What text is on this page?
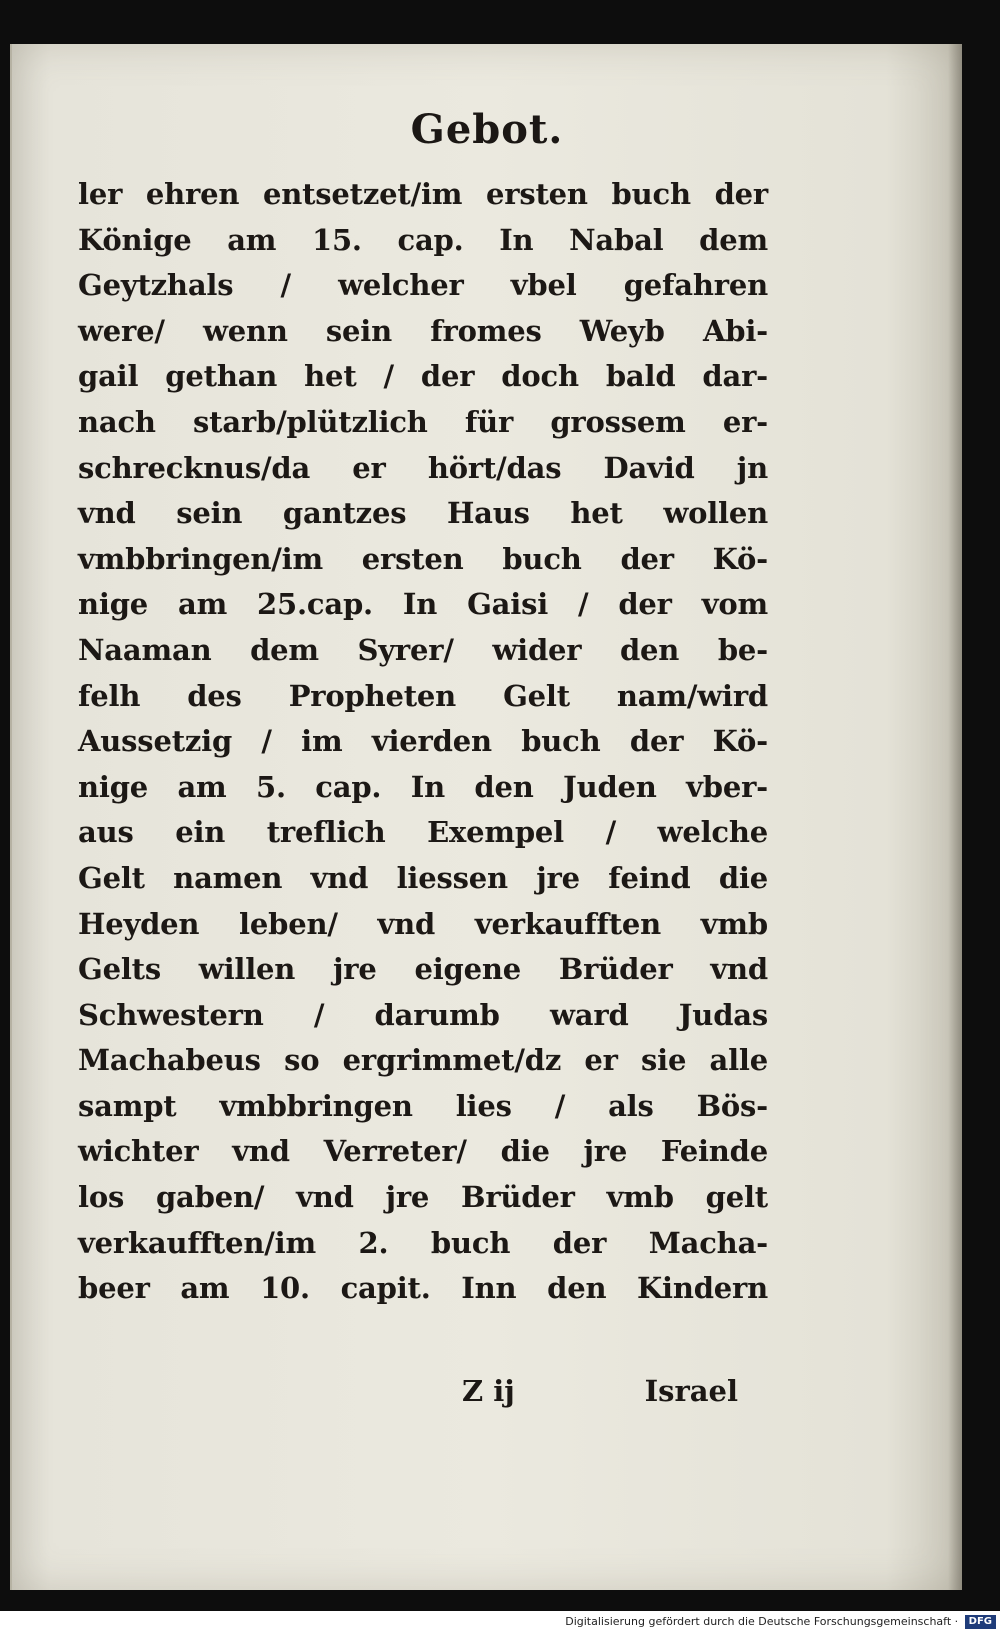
Gebot.
ler ehren entsetzet/im ersten buch der
Könige am 15. cap. In Nabal dem
Geytzhals / welcher vbel gefahren
were/ wenn sein fromes Weyb Abi-
gail gethan het / der doch bald dar-
nach starb/plützlich für grossem er-
schrecknus/da er hört/das David jn
vnd sein gantzes Haus het wollen
vmbbringen/im ersten buch der Kö-
nige am 25.cap. In Gaisi / der vom
Naaman dem Syrer/ wider den be-
felh des Propheten Gelt nam/wird
Aussetzig / im vierden buch der Kö-
nige am 5. cap. In den Juden vber-
aus ein treflich Exempel / welche
Gelt namen vnd liessen jre feind die
Heyden leben/ vnd verkaufften vmb
Gelts willen jre eigene Brüder vnd
Schwestern / darumb ward Judas
Machabeus so ergrimmet/dz er sie alle
sampt vmbbringen lies / als Bös-
wichter vnd Verreter/ die jre Feinde
los gaben/ vnd jre Brüder vmb gelt
verkaufften/im 2. buch der Macha-
beer am 10. capit. Inn den Kindern
Z ij	Israel
Digitalisierung gefördert durch die Deutsche Forschungsgemeinschaft · DFG
